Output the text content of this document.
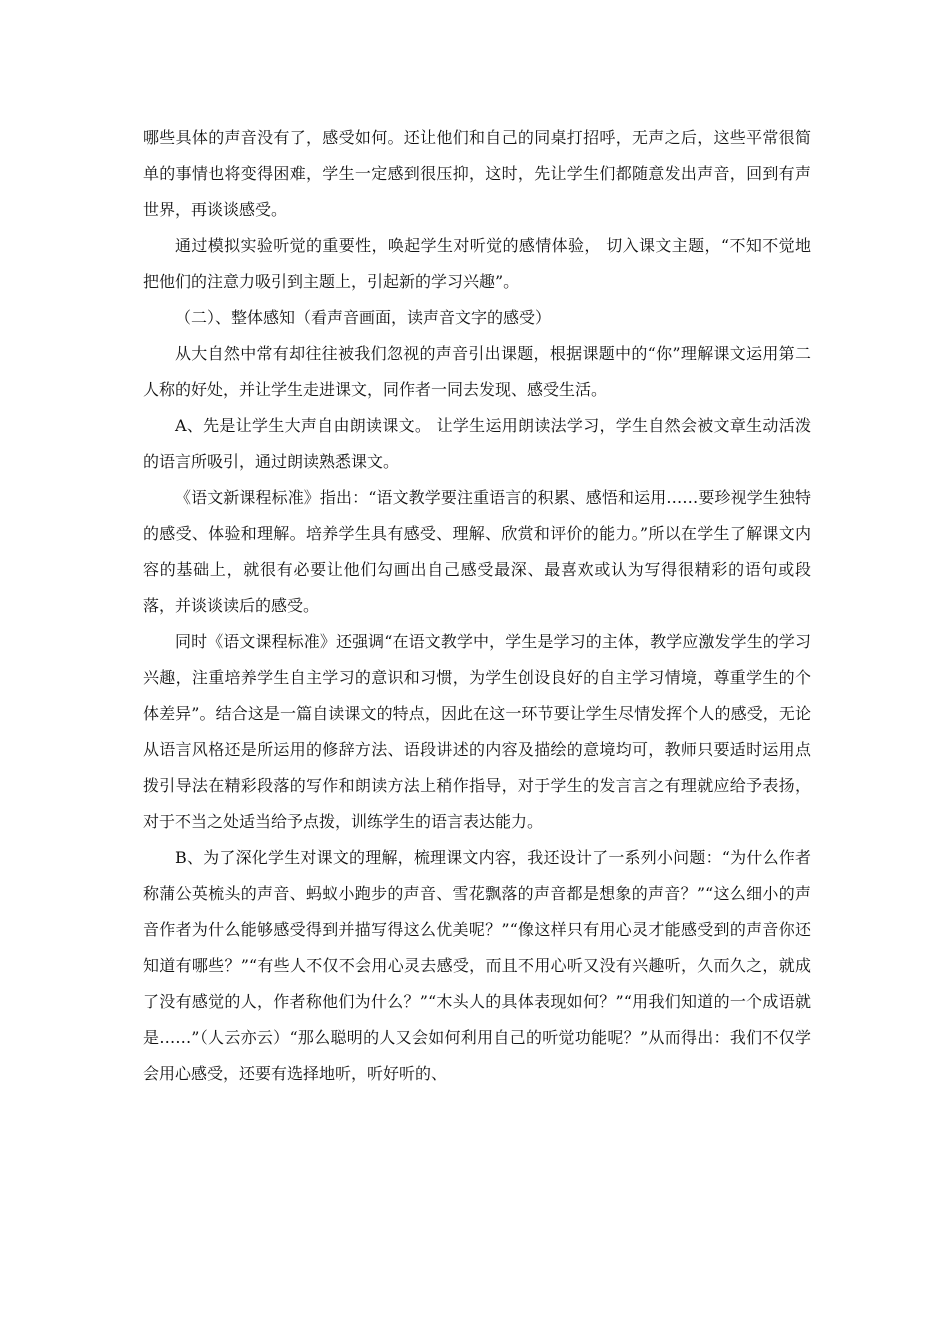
哪些具体的声音没有了，感受如何。还让他们和自己的同桌打招呼，无声之后，这些平常很简单的事情也将变得困难，学生一定感到很压抑，这时，先让学生们都随意发出声音，回到有声世界，再谈谈感受。

通过模拟实验听觉的重要性，唤起学生对听觉的感情体验， 切入课文主题，“不知不觉地把他们的注意力吸引到主题上，引起新的学习兴趣”。

（二）、整体感知（看声音画面，读声音文字的感受）

从大自然中常有却往往被我们忽视的声音引出课题，根据课题中的“你”理解课文运用第二人称的好处，并让学生走进课文，同作者一同去发现、感受生活。

A、先是让学生大声自由朗读课文。 让学生运用朗读法学习，学生自然会被文章生动活泼的语言所吸引，通过朗读熟悉课文。

《语文新课程标准》指出：“语文教学要注重语言的积累、感悟和运用……要珍视学生独特的感受、体验和理解。培养学生具有感受、理解、欣赏和评价的能力。”所以在学生了解课文内容的基础上，就很有必要让他们勾画出自己感受最深、最喜欢或认为写得很精彩的语句或段落，并谈谈读后的感受。

同时《语文课程标准》还强调“在语文教学中，学生是学习的主体，教学应激发学生的学习兴趣，注重培养学生自主学习的意识和习惯，为学生创设良好的自主学习情境，尊重学生的个体差异”。结合这是一篇自读课文的特点，因此在这一环节要让学生尽情发挥个人的感受，无论从语言风格还是所运用的修辞方法、语段讲述的内容及描绘的意境均可，教师只要适时运用点拨引导法在精彩段落的写作和朗读方法上稍作指导，对于学生的发言言之有理就应给予表扬，对于不当之处适当给予点拨，训练学生的语言表达能力。

B、为了深化学生对课文的理解，梳理课文内容，我还设计了一系列小问题：“为什么作者称蒲公英梳头的声音、蚂蚁小跑步的声音、雪花飘落的声音都是想象的声音？”“这么细小的声音作者为什么能够感受得到并描写得这么优美呢？”“像这样只有用心灵才能感受到的声音你还知道有哪些？”“有些人不仅不会用心灵去感受，而且不用心听又没有兴趣听，久而久之，就成了没有感觉的人，作者称他们为什么？”“木头人的具体表现如何？”“用我们知道的一个成语就是……”（人云亦云）“那么聪明的人又会如何利用自己的听觉功能呢？”从而得出：我们不仅学会用心感受，还要有选择地听，听好听的、
